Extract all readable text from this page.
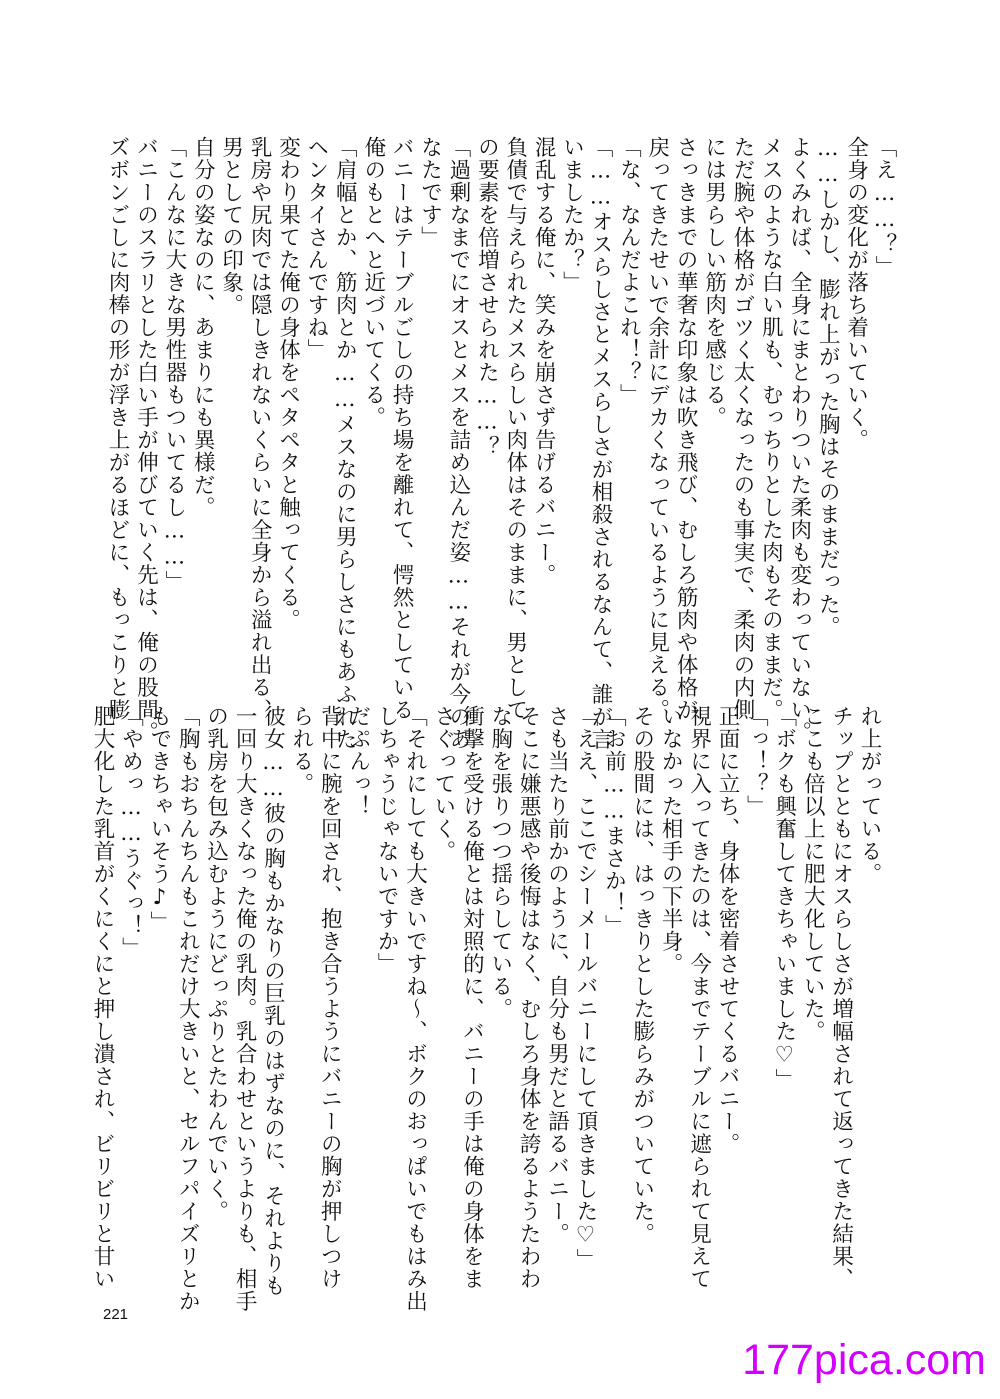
「え……？」
全身の変化が落ち着いていく。
……しかし、膨れ上がった胸はそのままだった。
よくみれば、全身にまとわりついた柔肉も変わっていない。
メスのような白い肌も、むっちりとした肉もそのままだ。
ただ腕や体格がゴツく太くなったのも事実で、柔肉の内側
には男らしい筋肉を感じる。
さっきまでの華奢な印象は吹き飛び、むしろ筋肉や体格が
戻ってきたせいで余計にデカくなっているように見える。
「な、なんだよこれ！？」
「……オスらしさとメスらしさが相殺されるなんて、誰が言
いましたか？」
混乱する俺に、笑みを崩さず告げるバニー。
負債で与えられたメスらしい肉体はそのままに、男として
の要素を倍増させられた……？
「過剰なまでにオスとメスを詰め込んだ姿……それが今のあ
なたです」
バニーはテーブルごしの持ち場を離れて、愕然としている
俺のもとへと近づいてくる。
「肩幅とか、筋肉とか……メスなのに男らしさにもあふれた
ヘンタイさんですね」
変わり果てた俺の身体をペタペタと触ってくる。
乳房や尻肉では隠しきれないくらいに全身から溢れ出る、
男としての印象。
自分の姿なのに、あまりにも異様だ。
「こんなに大きな男性器もついてるし……」
バニーのスラリとした白い手が伸びていく先は、俺の股間。
ズボンごしに肉棒の形が浮き上がるほどに、もっこりと膨
れ上がっている。
チップとともにオスらしさが増幅されて返ってきた結果、
ここも倍以上に肥大化していた。
「ボクも興奮してきちゃいました♡」
「っ！？」
正面に立ち、身体を密着させてくるバニー。
視界に入ってきたのは、今までテーブルに遮られて見えて
いなかった相手の下半身。
その股間には、はっきりとした膨らみがついていた。
「お前……まさか！」
「ええ、ここでシーメールバニーにして頂きました♡」
さも当たり前かのように、自分も男だと語るバニー。
そこに嫌悪感や後悔はなく、むしろ身体を誇るようたわわ
な胸を張りつつ揺らしている。
衝撃を受ける俺とは対照的に、バニーの手は俺の身体をま
さぐっていく。
「それにしても大きいですね〜、ボクのおっぱいでもはみ出
しちゃうじゃないですか」
だぷんっ！
背中に腕を回され、抱き合うようにバニーの胸が押しつけ
られる。
彼女……彼の胸もかなりの巨乳のはずなのに、それよりも
一回り大きくなった俺の乳肉。乳合わせというよりも、相手
の乳房を包み込むようにどっぷりとたわんでいく。
「胸もおちんちんもこれだけ大きいと、セルフパイズリとか
もできちゃいそう♪」
「やめっ……うぐっ！」
肥大化した乳首がくにくにと押し潰され、ビリビリと甘い
221
177pica.com
